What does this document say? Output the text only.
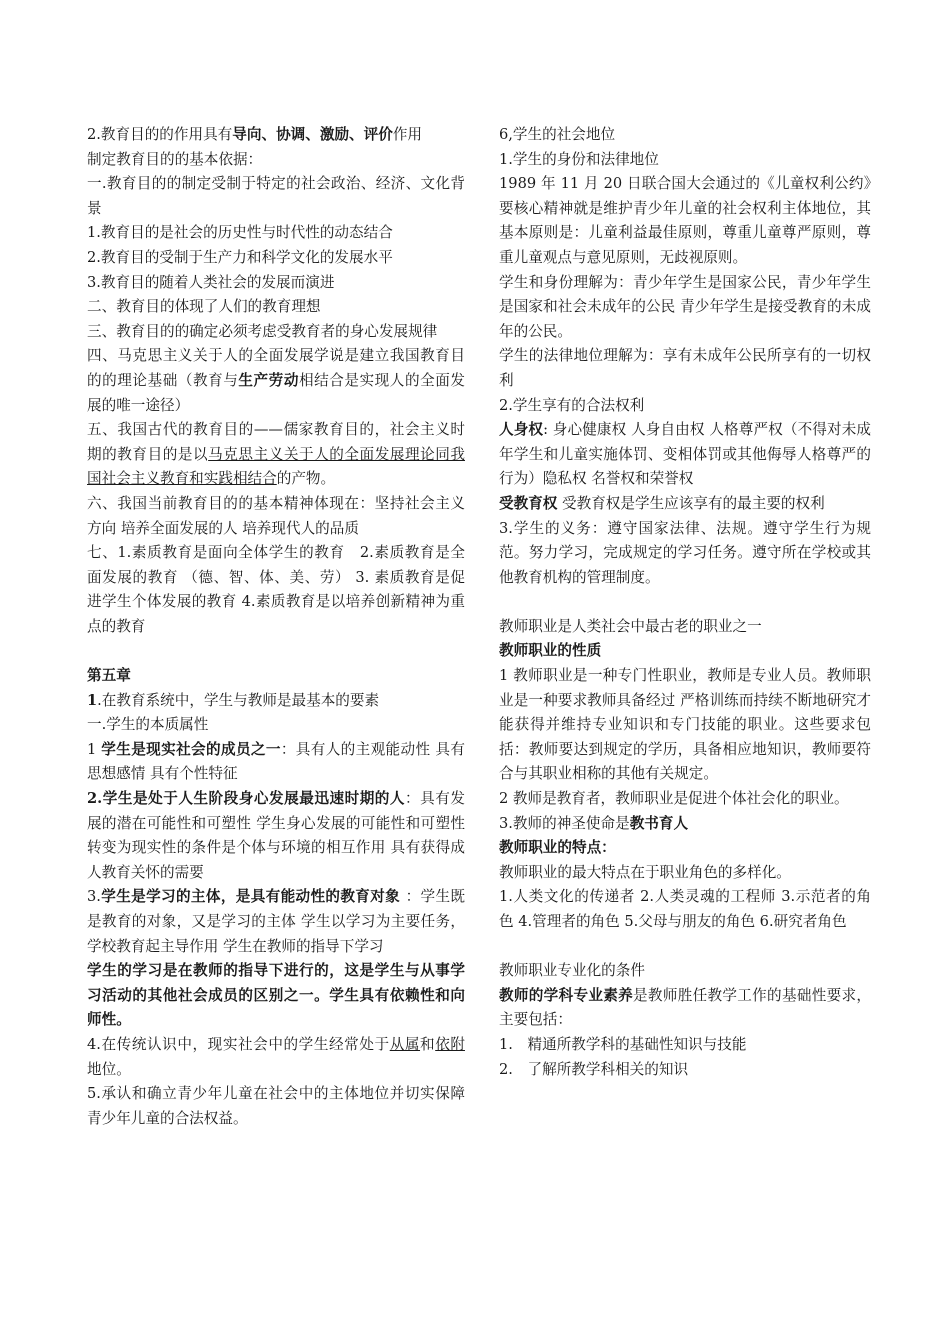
2.教育目的的作用具有导向、协调、激励、评价作用

制定教育目的的基本依据：

一.教育目的的制定受制于特定的社会政治、经济、文化背景

1.教育目的是社会的历史性与时代性的动态结合

2.教育目的受制于生产力和科学文化的发展水平

3.教育目的随着人类社会的发展而演进

二、教育目的体现了人们的教育理想

三、教育目的的确定必须考虑受教育者的身心发展规律

四、马克思主义关于人的全面发展学说是建立我国教育目的的理论基础（教育与生产劳动相结合是实现人的全面发展的唯一途径）

五、我国古代的教育目的——儒家教育目的，社会主义时期的教育目的是以马克思主义关于人的全面发展理论同我国社会主义教育和实践相结合的产物。

六、我国当前教育目的的基本精神体现在：坚持社会主义方向 培养全面发展的人 培养现代人的品质

七、1.素质教育是面向全体学生的教育　2.素质教育是全面发展的教育 （德、智、体、美、劳） 3. 素质教育是促进学生个体发展的教育 4.素质教育是以培养创新精神为重点的教育

第五章

1.在教育系统中，学生与教师是最基本的要素

一.学生的本质属性

1 学生是现实社会的成员之一：具有人的主观能动性 具有思想感情 具有个性特征

2.学生是处于人生阶段身心发展最迅速时期的人：具有发展的潜在可能性和可塑性 学生身心发展的可能性和可塑性转变为现实性的条件是个体与环境的相互作用 具有获得成人教育关怀的需要

3.学生是学习的主体，是具有能动性的教育对象 ：学生既是教育的对象，又是学习的主体 学生以学习为主要任务，学校教育起主导作用 学生在教师的指导下学习

学生的学习是在教师的指导下进行的，这是学生与从事学习活动的其他社会成员的区别之一。学生具有依赖性和向师性。

4.在传统认识中，现实社会中的学生经常处于从属和依附地位。

5.承认和确立青少年儿童在社会中的主体地位并切实保障青少年儿童的合法权益。

6,学生的社会地位

1.学生的身份和法律地位

1989 年 11 月 20 日联合国大会通过的《儿童权利公约》要核心精神就是维护青少年儿童的社会权利主体地位，其基本原则是：儿童利益最佳原则，尊重儿童尊严原则，尊重儿童观点与意见原则，无歧视原则。

学生和身份理解为：青少年学生是国家公民，青少年学生是国家和社会未成年的公民 青少年学生是接受教育的未成年的公民。

学生的法律地位理解为：享有未成年公民所享有的一切权利

2.学生享有的合法权利

人身权: 身心健康权 人身自由权 人格尊严权（不得对未成年学生和儿童实施体罚、变相体罚或其他侮辱人格尊严的行为）隐私权 名誉权和荣誉权

受教育权 受教育权是学生应该享有的最主要的权利

3.学生的义务：遵守国家法律、法规。遵守学生行为规范。努力学习，完成规定的学习任务。遵守所在学校或其他教育机构的管理制度。

教师职业是人类社会中最古老的职业之一

教师职业的性质

1 教师职业是一种专门性职业，教师是专业人员。教师职业是一种要求教师具备经过 严格训练而持续不断地研究才能获得并维持专业知识和专门技能的职业。这些要求包括：教师要达到规定的学历，具备相应地知识，教师要符合与其职业相称的其他有关规定。

2 教师是教育者，教师职业是促进个体社会化的职业。

3.教师的神圣使命是教书育人

教师职业的特点：

教师职业的最大特点在于职业角色的多样化。

1.人类文化的传递者 2.人类灵魂的工程师 3.示范者的角色 4.管理者的角色 5.父母与朋友的角色 6.研究者角色

教师职业专业化的条件

教师的学科专业素养是教师胜任教学工作的基础性要求，主要包括：

1.　精通所教学科的基础性知识与技能

2.　了解所教学科相关的知识
